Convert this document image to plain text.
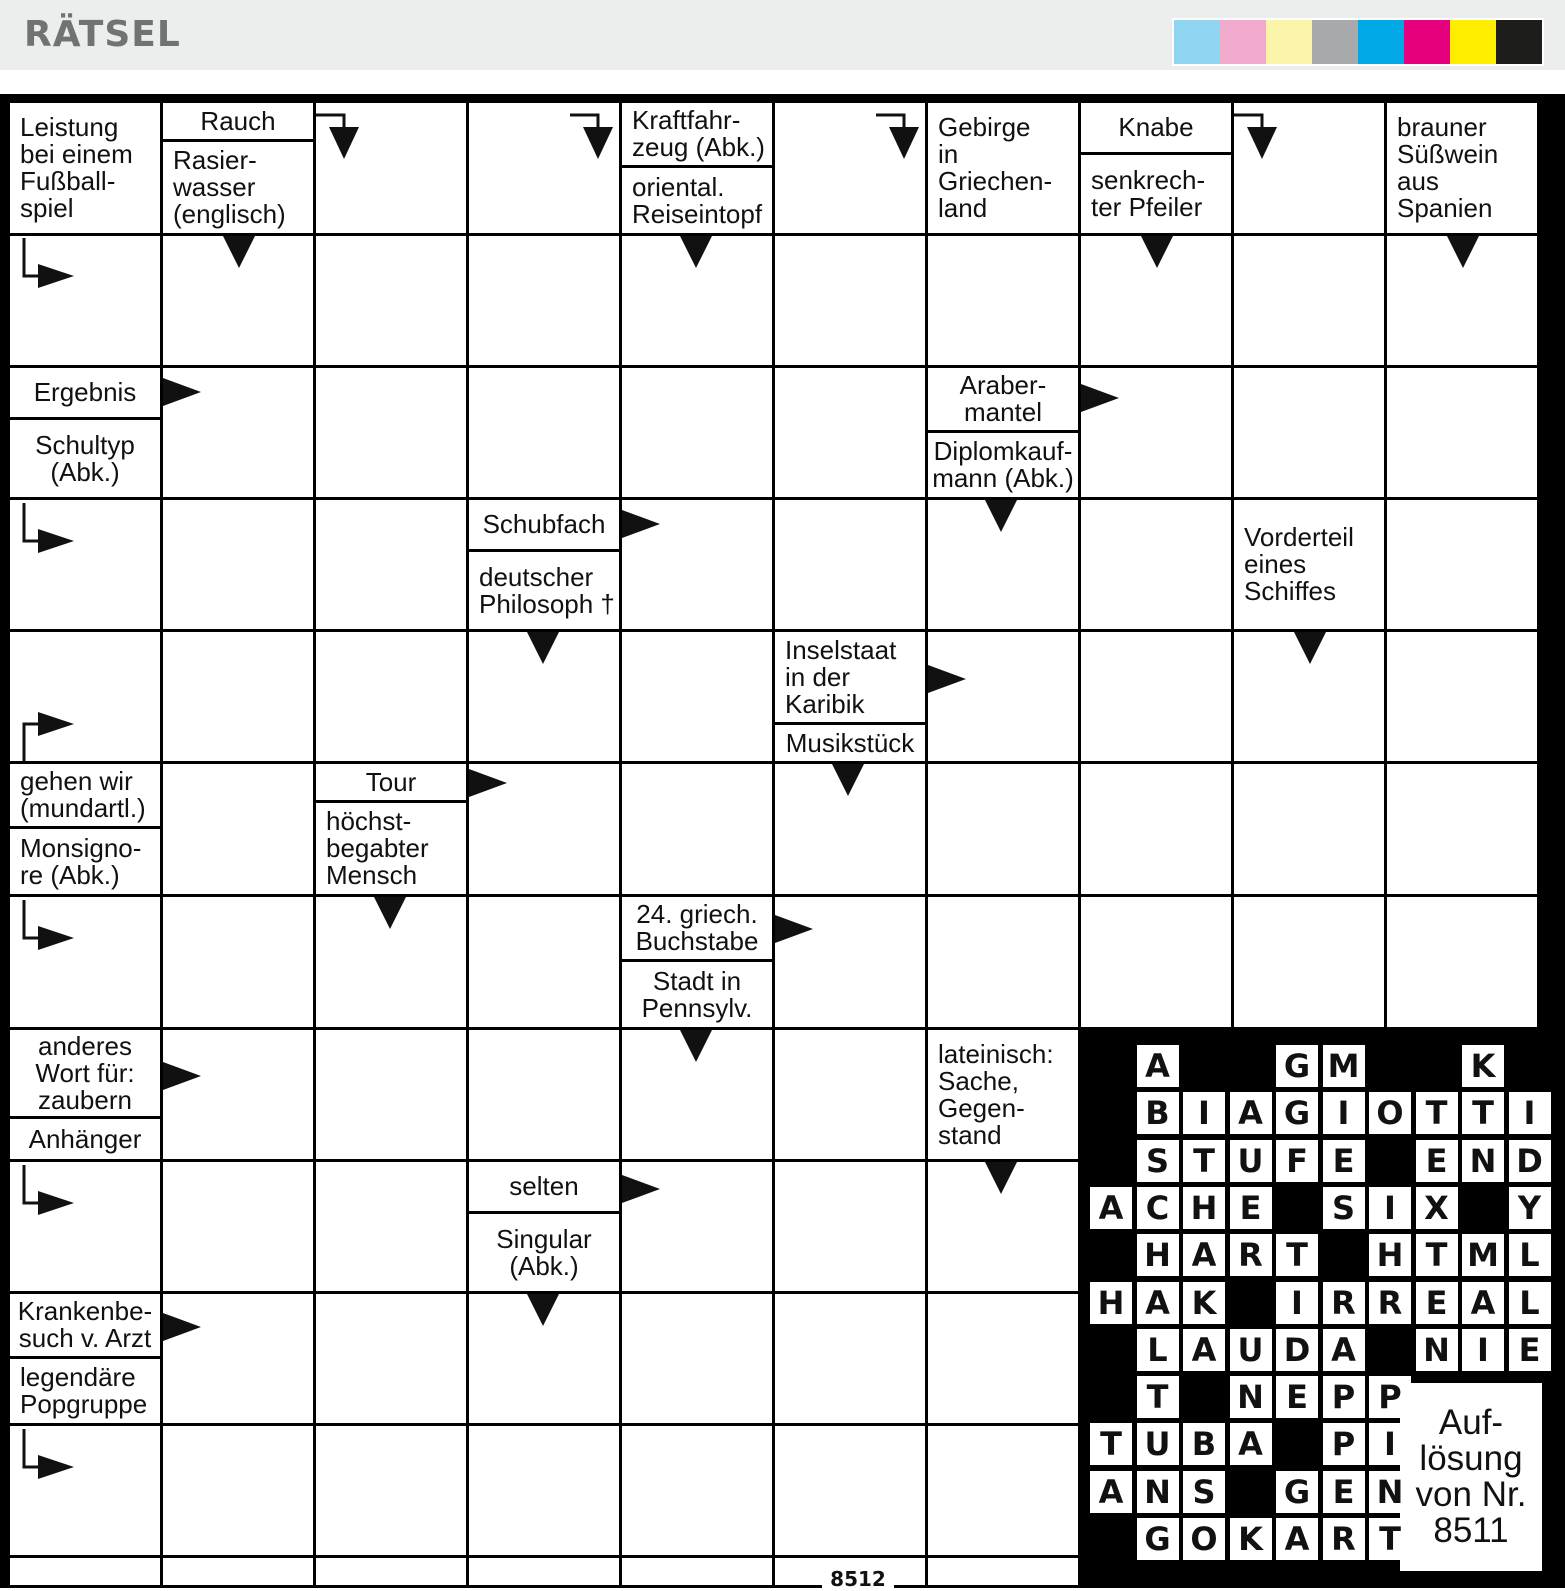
RÄTSEL
Leistung
bei einem
Fußball-
spiel
Rauch
Rasier-
wasser
(englisch)
Kraftfahr-
zeug (Abk.)
oriental.
Reiseintopf
Gebirge
in
Griechen-
land
Knabe
senkrech-
ter Pfeiler
brauner
Süßwein
aus
Spanien
Ergebnis
Schultyp
(Abk.)
Araber-
mantel
Diplomkauf-
mann (Abk.)
Schubfach
deutscher
Philosoph †
Vorderteil
eines
Schiffes
Inselstaat
in der
Karibik
Musikstück
gehen wir
(mundartl.)
Monsigno-
re (Abk.)
Tour
höchst-
begabter
Mensch
24. griech.
Buchstabe
Stadt in
Pennsylv.
anderes
Wort für:
zaubern
Anhänger
lateinisch:
Sache,
Gegen-
stand
selten
Singular
(Abk.)
Krankenbe-
such v. Arzt
legendäre
Popgruppe	Auf-
lösung
von Nr.
8511
A	G M	K
B I A G I O T T I
S T U F E	E N D
A C H E	S I X Y
H A R T	H T M L
H A K	I R R E A L
L A U D A N I E
T	N E P P
T U B A P I
A N S G E N
G O K A R T
8512
